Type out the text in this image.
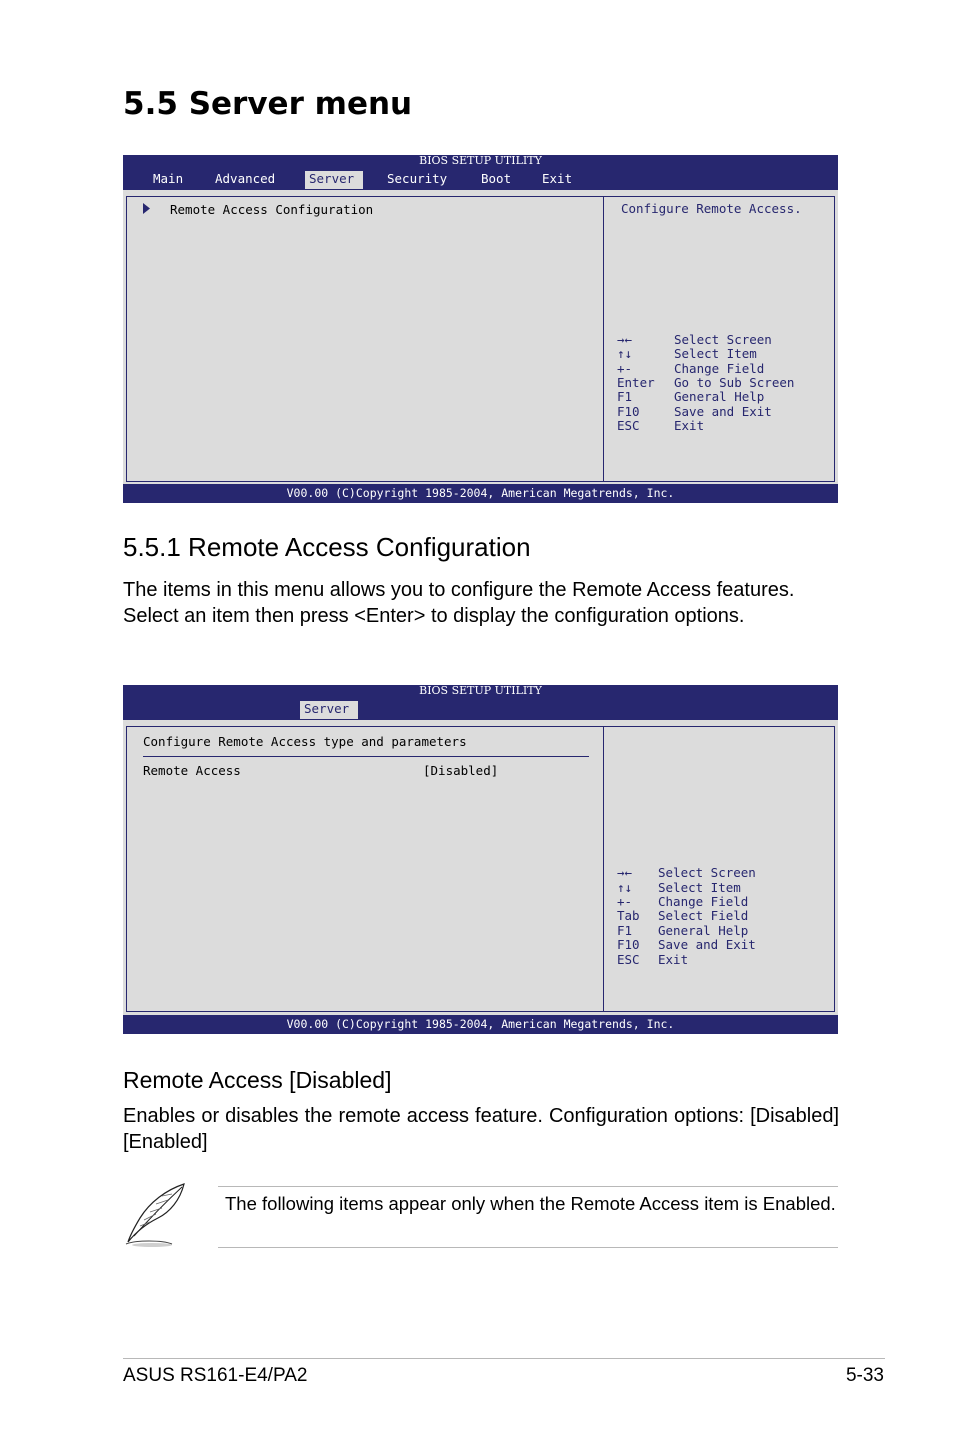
5.5 Server menu
BIOS SETUP UTILITY
Main	Advanced	Server	Security	Boot	Exit
Remote Access Configuration	Configure Remote Access.
→←	Select Screen
↑↓	Select Item
+-	Change Field
Enter Go to Sub Screen
F1	General Help
F10	Save and Exit
ESC	Exit
V00.00 (C)Copyright 1985-2004, American Megatrends, Inc.
5.5.1 Remote Access Configuration
The items in this menu allows you to configure the Remote Access features. Select an item then press <Enter> to display the configuration options.
BIOS SETUP UTILITY
Server
Configure Remote Access type and parameters
Remote Access	[Disabled]
→← Select Screen
↑↓ Select Item
+- Change Field
Tab Select Field
F1 General Help
F10 Save and Exit
ESC Exit
V00.00 (C)Copyright 1985-2004, American Megatrends, Inc.
Remote Access [Disabled]
Enables or disables the remote access feature. Configuration options: [Disabled] [Enabled]
The following items appear only when the Remote Access item is Enabled.
ASUS RS161-E4/PA2	5-33
